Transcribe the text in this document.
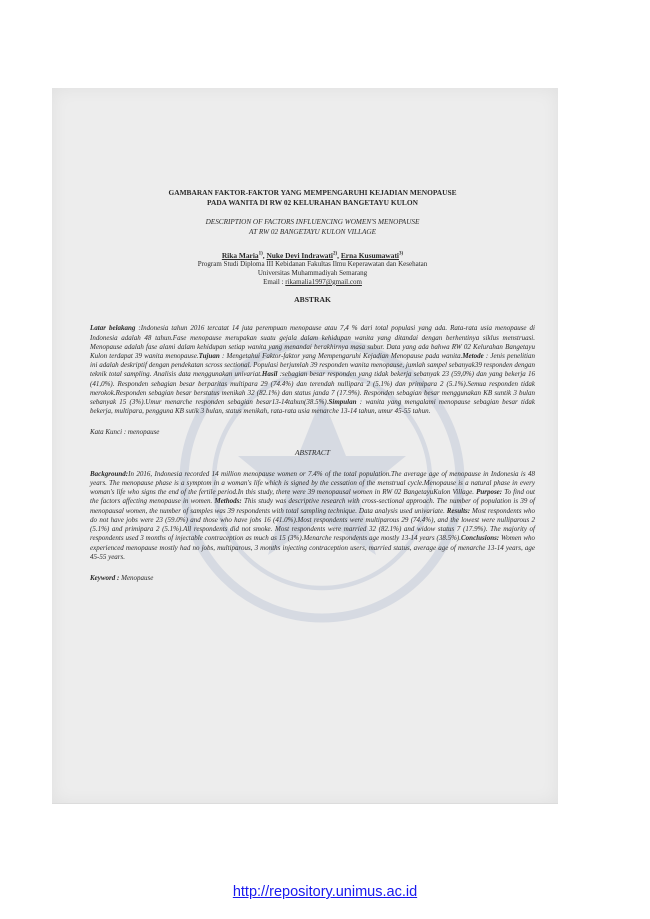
GAMBARAN FAKTOR-FAKTOR YANG MEMPENGARUHI KEJADIAN MENOPAUSE
PADA WANITA DI RW 02 KELURAHAN BANGETAYU KULON

DESCRIPTION OF FACTORS INFLUENCING WOMEN'S MENOPAUSE
AT RW 02 BANGETAYU KULON VILLAGE

Rika Maria$^{1)}$, Nuke Devi Indrawati$^{2)}$, Erna Kusumawati$^{3)}$
Program Studi Diploma III Kebidanan Fakultas Ilmu Keperawatan dan Kesehatan
Universitas Muhammadiyah Semarang
Email : rikamalia1997@gmail.com
ABSTRAK

Latar belakang :Indonesia tahun 2016 tercatat 14 juta perempuan menopause atau 7,4 % dari total populasi yang ada. Rata-rata usia menopause di Indonesia adalah 48 tahun.Fase menopause merupakan suatu gejala dalam kehidupan wanita yang ditandai dengan berhentinya siklus menstruasi. Menopause adalah fase alami dalam kehidupan setiap wanita yang menandai berakhirnya masa subur. Data yang ada bahwa RW 02 Kelurahan Bangetayu Kulon terdapat 39 wanita menopause.Tujuan : Mengetahui Faktor-faktor yang Mempengaruhi Kejadian Menopause pada wanita.Metode : Jenis penelitian ini adalah deskriptif dengan pendekatan scross sectional. Populasi berjumlah 39 responden wanita menopause, jumlah sampel sebanyak39 responden dengan teknik total sampling. Analisis data menggunakan univariat.Hasil :sebagian besar responden yang tidak bekerja sebanyak 23 (59,0%) dan yang bekerja 16 (41,0%). Responden sebagian besar berparitas multipara 29 (74.4%) dan terendah nullipara 2 (5.1%) dan primipara 2 (5.1%).Semua responden tidak merokok.Responden sebagian besar berstatus menikah 32 (82.1%) dan status janda 7 (17.9%). Responden sebagian besar menggunakan KB suntik 3 bulan sebanyak 15 (3%).Umur menarche responden sebagian besar13-14tahun(38.5%).Simpulan : wanita yang mengalami menopause sebagian besar tidak bekerja, multipara, pengguna KB sutik 3 bulan, status menikah, rata-rata usia menarche 13-14 tahun, umur 45-55 tahun.

Kata Kunci : menopause
ABSTRACT

Background:In 2016, Indonesia recorded 14 million menopause women or 7.4% of the total population.The average age of menopause in Indonesia is 48 years. The menopause phase is a symptom in a woman's life which is signed by the cessation of the menstrual cycle.Menopause is a natural phase in every woman's life who signs the end of the fertile period.In this study, there were 39 menopausal women in RW 02 BangetayuKulon Village. Purpose: To find out the factors affecting menopause in women. Methods: This study was descriptive research with cross-sectional approach. The number of population is 39 of menopausal women, the number of samples was 39 respondents with total sampling technique. Data analysis used univariate. Results: Most respondents who do not have jobs were 23 (59.0%) and those who have jobs 16 (41.0%).Most respondents were multiparous 29 (74.4%), and the lowest were nulliparous 2 (5.1%) and primipara 2 (5.1%).All respondents did not smoke. Most respondents were married 32 (82.1%) and widow status 7 (17.9%). The majority of respondents used 3 months of injectable contraception as much as 15 (3%).Menarche respondents age mostly 13-14 years (38.5%).Conclusions: Women who experienced menopause mostly had no jobs, multiparous, 3 months injecting contraception users, married status, average age of menarche 13-14 years, age 45-55 years.

Keyword : Menopause
http://repository.unimus.ac.id
